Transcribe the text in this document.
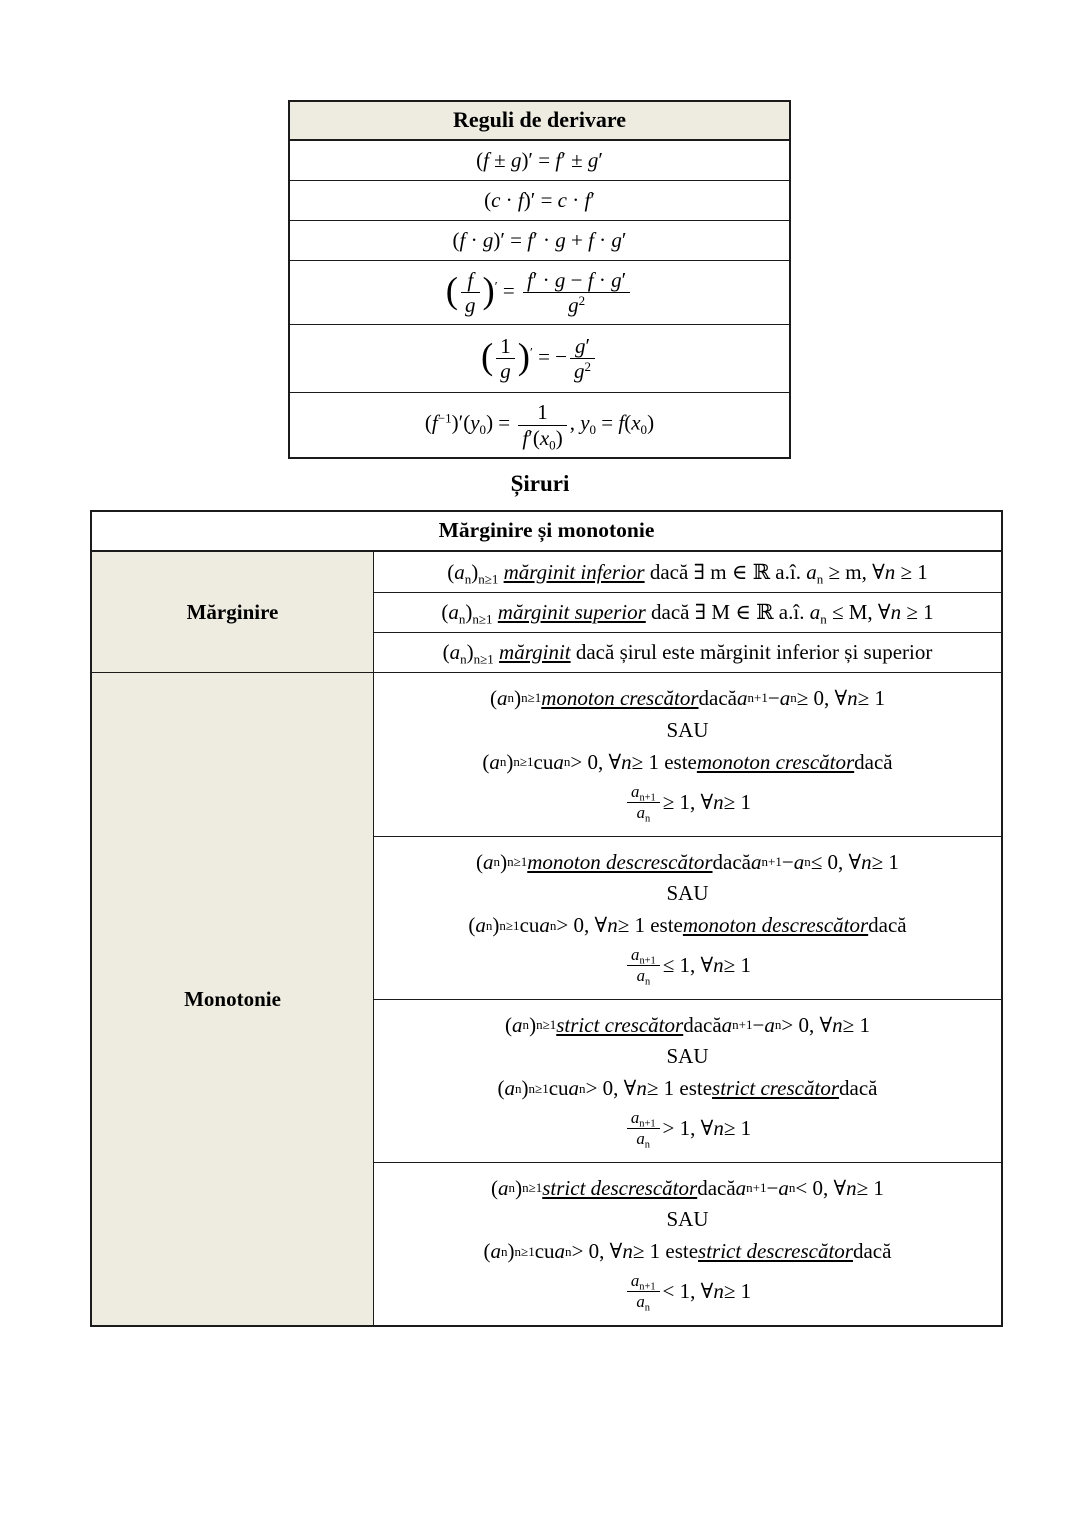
Reguli de derivare
(f ± g)′ = f′ ± g′
(c · f)′ = c · f′
(f · g)′ = f′ · g + f · g′
( $\frac{f}{g} )' = \frac{f' \cdot g - f \cdot g'}{g^2}$
( $\frac{1}{g} )'$ = − $\frac{g'}{g^2}$
$(f^{-1})'(y_0) = \frac{1}{f'(x_0)}$ , $y_0 = f(x_0)$
Șiruri
Mărginire și monotonie
Mărginire
$(a_n)_{n\ge 1}$ mărginit inferior dacă ∃ m ∈ ℝ a.î. $a_n \ge m$, ∀n ≥ 1
$(a_n)_{n\ge 1}$ mărginit superior dacă ∃ M ∈ ℝ a.î. $a_n \le M$, ∀n ≥ 1
$(a_n)_{n\ge 1}$ mărginit dacă șirul este mărginit inferior și superior
Monotonie
( a n ) n≥1 monoton crescător dacă a n+1 − a n ≥ 0, ∀ n ≥ 1
SAU
( a n ) n≥1 cu a n > 0, ∀ n ≥ 1 este monoton crescător dacă
$\frac{a_{n+1}}{a_n} \ge 1$, ∀ n ≥ 1
( a n ) n≥1 monoton descrescător dacă a n+1 − a n ≤ 0, ∀ n ≥ 1
SAU
( a n ) n≥1 cu a n > 0, ∀ n ≥ 1 este monoton descrescător dacă
$\frac{a_{n+1}}{a_n} \le 1$, ∀ n ≥ 1
( a n ) n≥1 strict crescător dacă a n+1 − a n > 0, ∀ n ≥ 1
SAU
( a n ) n≥1 cu a n > 0, ∀ n ≥ 1 este strict crescător dacă
$\frac{a_{n+1}}{a_n} > 1$, ∀ n ≥ 1
( a n ) n≥1 strict descrescător dacă a n+1 − a n < 0, ∀ n ≥ 1
SAU
( a n ) n≥1 cu a n > 0, ∀ n ≥ 1 este strict descrescător dacă
$\frac{a_{n+1}}{a_n} < 1$, ∀ n ≥ 1
